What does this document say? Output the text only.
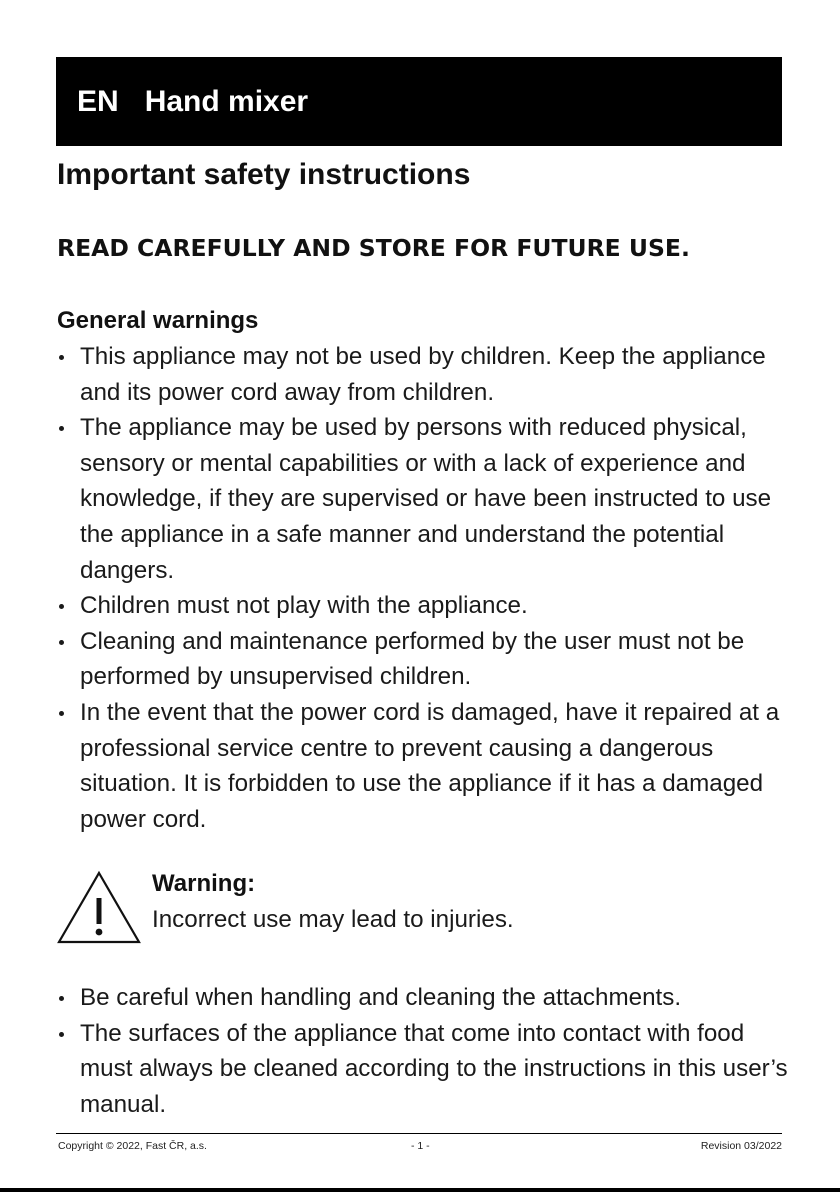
EN Hand mixer
Important safety instructions

READ CAREFULLY AND STORE FOR FUTURE USE.

General warnings
This appliance may not be used by children. Keep the appliance and its power cord away from children.
The appliance may be used by persons with reduced physical, sensory or mental capabilities or with a lack of experience and knowledge, if they are supervised or have been instructed to use the appliance in a safe manner and understand the potential dangers.
Children must not play with the appliance.
Cleaning and maintenance performed by the user must not be performed by unsupervised children.
In the event that the power cord is damaged, have it repaired at a professional service centre to prevent causing a dangerous situation. It is forbidden to use the appliance if it has a damaged power cord.

Warning:

Incorrect use may lead to injuries.

Be careful when handling and cleaning the attachments.
The surfaces of the appliance that come into contact with food must always be cleaned according to the instructions in this user’s manual.
Copyright © 2022, Fast ČR, a.s.	- 1 -	Revision 03/2022
